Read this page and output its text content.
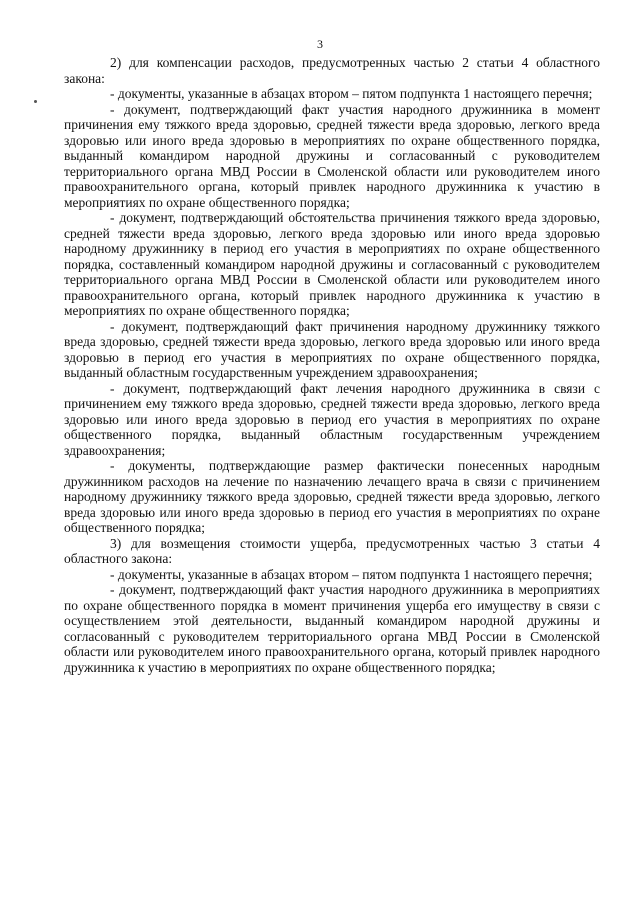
3

2) для компенсации расходов, предусмотренных частью 2 статьи 4 областного закона:

- документы, указанные в абзацах втором – пятом подпункта 1 настоящего перечня;

- документ, подтверждающий факт участия народного дружинника в момент причинения ему тяжкого вреда здоровью, средней тяжести вреда здоровью, легкого вреда здоровью или иного вреда здоровью в мероприятиях по охране общественного порядка, выданный командиром народной дружины и согласованный с руководителем территориального органа МВД России в Смоленской области или руководителем иного правоохранительного органа, который привлек народного дружинника к участию в мероприятиях по охране общественного порядка;

- документ, подтверждающий обстоятельства причинения тяжкого вреда здоровью, средней тяжести вреда здоровью, легкого вреда здоровью или иного вреда здоровью народному дружиннику в период его участия в мероприятиях по охране общественного порядка, составленный командиром народной дружины и согласованный с руководителем территориального органа МВД России в Смоленской области или руководителем иного правоохранительного органа, который привлек народного дружинника к участию в мероприятиях по охране общественного порядка;

- документ, подтверждающий факт причинения народному дружиннику тяжкого вреда здоровью, средней тяжести вреда здоровью, легкого вреда здоровью или иного вреда здоровью в период его участия в мероприятиях по охране общественного порядка, выданный областным государственным учреждением здравоохранения;

- документ, подтверждающий факт лечения народного дружинника в связи с причинением ему тяжкого вреда здоровью, средней тяжести вреда здоровью, легкого вреда здоровью или иного вреда здоровью в период его участия в мероприятиях по охране общественного порядка, выданный областным государственным учреждением здравоохранения;

- документы, подтверждающие размер фактически понесенных народным дружинником расходов на лечение по назначению лечащего врача в связи с причинением народному дружиннику тяжкого вреда здоровью, средней тяжести вреда здоровью, легкого вреда здоровью или иного вреда здоровью в период его участия в мероприятиях по охране общественного порядка;

3) для возмещения стоимости ущерба, предусмотренных частью 3 статьи 4 областного закона:

- документы, указанные в абзацах втором – пятом подпункта 1 настоящего перечня;

- документ, подтверждающий факт участия народного дружинника в мероприятиях по охране общественного порядка в момент причинения ущерба его имуществу в связи с осуществлением этой деятельности, выданный командиром народной дружины и согласованный с руководителем территориального органа МВД России в Смоленской области или руководителем иного правоохранительного органа, который привлек народного дружинника к участию в мероприятиях по охране общественного порядка;
